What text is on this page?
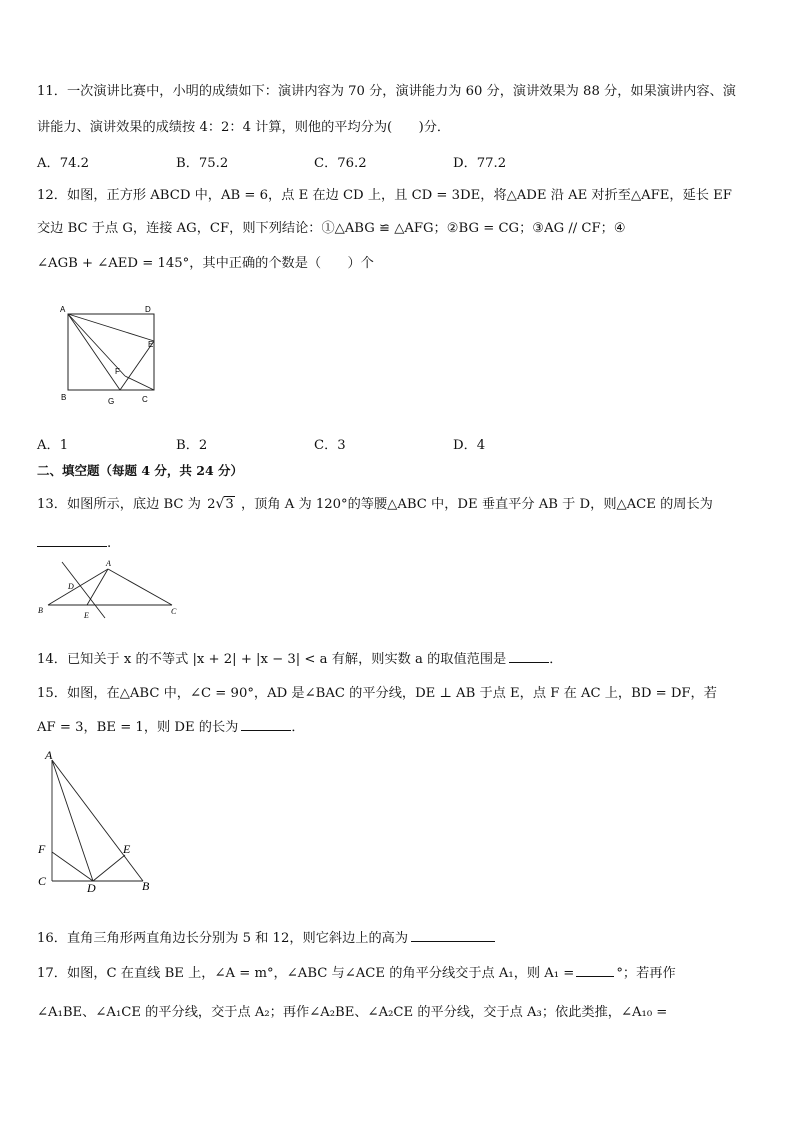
11．一次演讲比赛中，小明的成绩如下：演讲内容为 70 分，演讲能力为 60 分，演讲效果为 88 分，如果演讲内容、演
讲能力、演讲效果的成绩按 4：2：4 计算，则他的平均分为(　　)分．
A．74.2	B．75.2	C．76.2	D．77.2
12．如图，正方形 ABCD 中，AB = 6，点 E 在边 CD 上，且 CD = 3DE，将△ADE 沿 AE 对折至△AFE，延长 EF
交边 BC 于点 G，连接 AG，CF，则下列结论：①△ABG ≌ △AFG；②BG = CG；③AG // CF；④
∠AGB + ∠AED = 145°，其中正确的个数是（　　）个
A	D
E
F
B	G	C
A．1	B．2	C．3	D．4
二、填空题（每题 4 分，共 24 分）
13．如图所示，底边 BC 为 2√3 ，顶角 A 为 120°的等腰△ABC 中，DE 垂直平分 AB 于 D，则△ACE 的周长为
.
A
D
B
E	C
14．已知关于 x 的不等式 |x + 2| + |x − 3| < a 有解，则实数 a 的取值范围是	．
15．如图，在△ABC 中，∠C = 90°，AD 是∠BAC 的平分线，DE ⊥ AB 于点 E，点 F 在 AC 上，BD = DF，若
AF = 3，BE = 1，则 DE 的长为	．
A
F	E
C	D	B
16．直角三角形两直角边长分别为 5 和 12，则它斜边上的高为
17．如图，C 在直线 BE 上，∠A = m°，∠ABC 与∠ACE 的角平分线交于点 A₁，则 A₁ =	°；若再作
∠A₁BE、∠A₁CE 的平分线，交于点 A₂；再作∠A₂BE、∠A₂CE 的平分线，交于点 A₃；依此类推，∠A₁₀ =
